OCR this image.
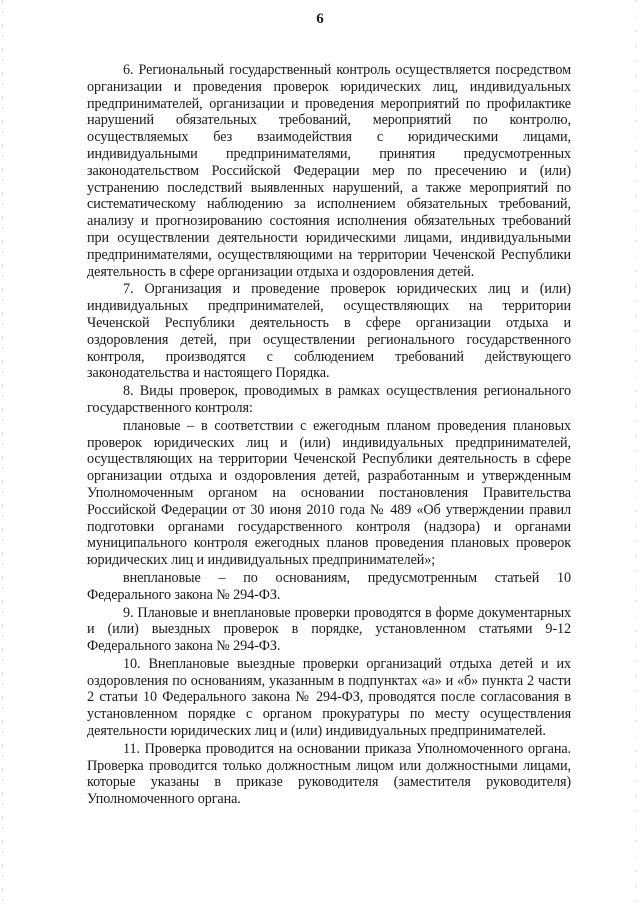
6

6. Региональный государственный контроль осуществляется посредством организации и проведения проверок юридических лиц, индивидуальных предпринимателей, организации и проведения мероприятий по профилактике нарушений обязательных требований, мероприятий по контролю, осуществляемых без взаимодействия с юридическими лицами, индивидуальными предпринимателями, принятия предусмотренных законодательством Российской Федерации мер по пресечению и (или) устранению последствий выявленных нарушений, а также мероприятий по систематическому наблюдению за исполнением обязательных требований, анализу и прогнозированию состояния исполнения обязательных требований при осуществлении деятельности юридическими лицами, индивидуальными предпринимателями, осуществляющими на территории Чеченской Республики деятельность в сфере организации отдыха и оздоровления детей.

7. Организация и проведение проверок юридических лиц и (или) индивидуальных предпринимателей, осуществляющих на территории Чеченской Республики деятельность в сфере организации отдыха и оздоровления детей, при осуществлении регионального государственного контроля, производятся с соблюдением требований действующего законодательства и настоящего Порядка.

8. Виды проверок, проводимых в рамках осуществления регионального государственного контроля:

плановые – в соответствии с ежегодным планом проведения плановых проверок юридических лиц и (или) индивидуальных предпринимателей, осуществляющих на территории Чеченской Республики деятельность в сфере организации отдыха и оздоровления детей, разработанным и утвержденным Уполномоченным органом на основании постановления Правительства Российской Федерации от 30 июня 2010 года № 489 «Об утверждении правил подготовки органами государственного контроля (надзора) и органами муниципального контроля ежегодных планов проведения плановых проверок юридических лиц и индивидуальных предпринимателей»;

внеплановые – по основаниям, предусмотренным статьей 10 Федерального закона № 294-ФЗ.

9. Плановые и внеплановые проверки проводятся в форме документарных и (или) выездных проверок в порядке, установленном статьями 9-12 Федерального закона № 294-ФЗ.

10. Внеплановые выездные проверки организаций отдыха детей и их оздоровления по основаниям, указанным в подпунктах «а» и «б» пункта 2 части 2 статьи 10 Федерального закона № 294-ФЗ, проводятся после согласования в установленном порядке с органом прокуратуры по месту осуществления деятельности юридических лиц и (или) индивидуальных предпринимателей.

11. Проверка проводится на основании приказа Уполномоченного органа. Проверка проводится только должностным лицом или должностными лицами, которые указаны в приказе руководителя (заместителя руководителя) Уполномоченного органа.
